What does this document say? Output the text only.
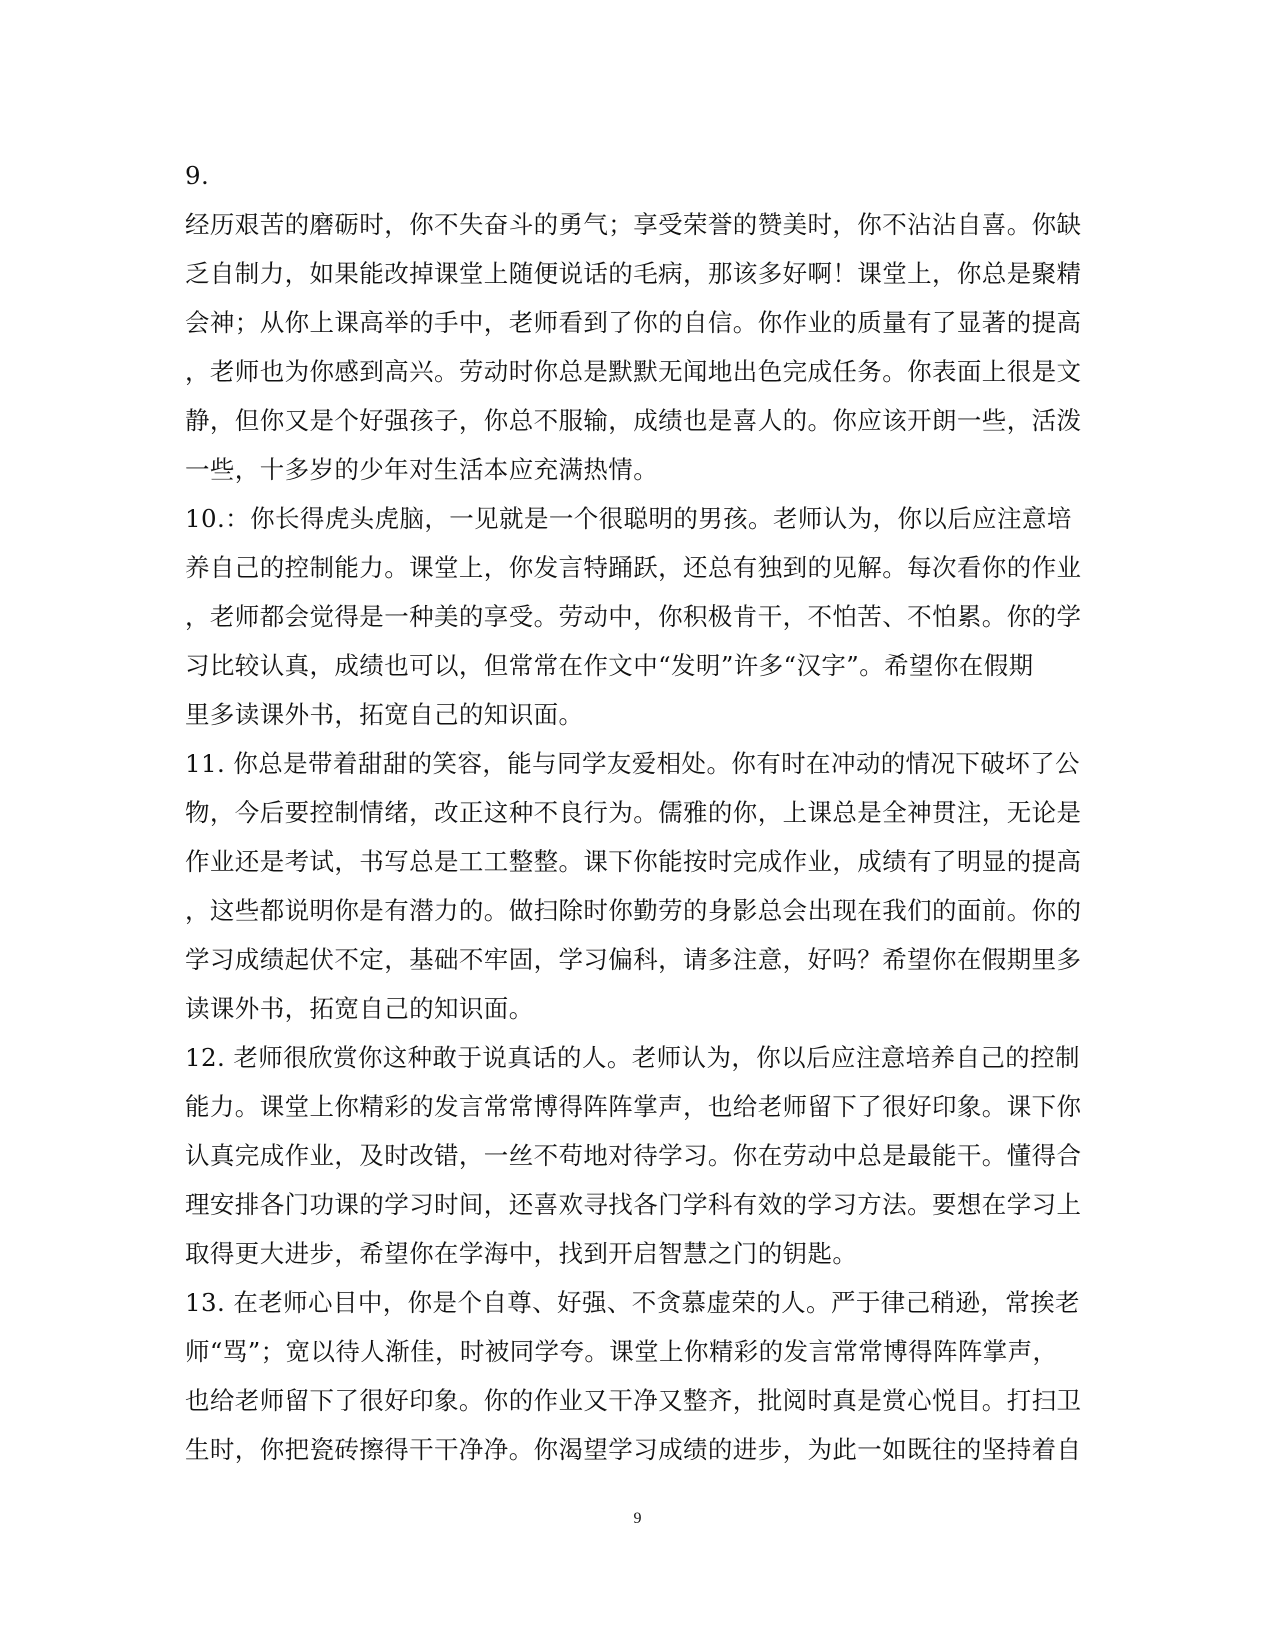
9.
经历艰苦的磨砺时，你不失奋斗的勇气；享受荣誉的赞美时，你不沾沾自喜。你缺
乏自制力，如果能改掉课堂上随便说话的毛病，那该多好啊！课堂上，你总是聚精
会神；从你上课高举的手中，老师看到了你的自信。你作业的质量有了显著的提高
，老师也为你感到高兴。劳动时你总是默默无闻地出色完成任务。你表面上很是文
静，但你又是个好强孩子，你总不服输，成绩也是喜人的。你应该开朗一些，活泼
一些，十多岁的少年对生活本应充满热情。
10.：你长得虎头虎脑，一见就是一个很聪明的男孩。老师认为，你以后应注意培
养自己的控制能力。课堂上，你发言特踊跃，还总有独到的见解。每次看你的作业
，老师都会觉得是一种美的享受。劳动中，你积极肯干，不怕苦、不怕累。你的学
习比较认真，成绩也可以，但常常在作文中“发明”许多“汉字”。希望你在假期
里多读课外书，拓宽自己的知识面。
11. 你总是带着甜甜的笑容，能与同学友爱相处。你有时在冲动的情况下破坏了公
物，今后要控制情绪，改正这种不良行为。儒雅的你，上课总是全神贯注，无论是
作业还是考试，书写总是工工整整。课下你能按时完成作业，成绩有了明显的提高
，这些都说明你是有潜力的。做扫除时你勤劳的身影总会出现在我们的面前。你的
学习成绩起伏不定，基础不牢固，学习偏科，请多注意，好吗？希望你在假期里多
读课外书，拓宽自己的知识面。
12. 老师很欣赏你这种敢于说真话的人。老师认为，你以后应注意培养自己的控制
能力。课堂上你精彩的发言常常博得阵阵掌声，也给老师留下了很好印象。课下你
认真完成作业，及时改错，一丝不苟地对待学习。你在劳动中总是最能干。懂得合
理安排各门功课的学习时间，还喜欢寻找各门学科有效的学习方法。要想在学习上
取得更大进步，希望你在学海中，找到开启智慧之门的钥匙。
13. 在老师心目中，你是个自尊、好强、不贪慕虚荣的人。严于律己稍逊，常挨老
师“骂”；宽以待人渐佳，时被同学夸。课堂上你精彩的发言常常博得阵阵掌声，
也给老师留下了很好印象。你的作业又干净又整齐，批阅时真是赏心悦目。打扫卫
生时，你把瓷砖擦得干干净净。你渴望学习成绩的进步，为此一如既往的坚持着自
9
